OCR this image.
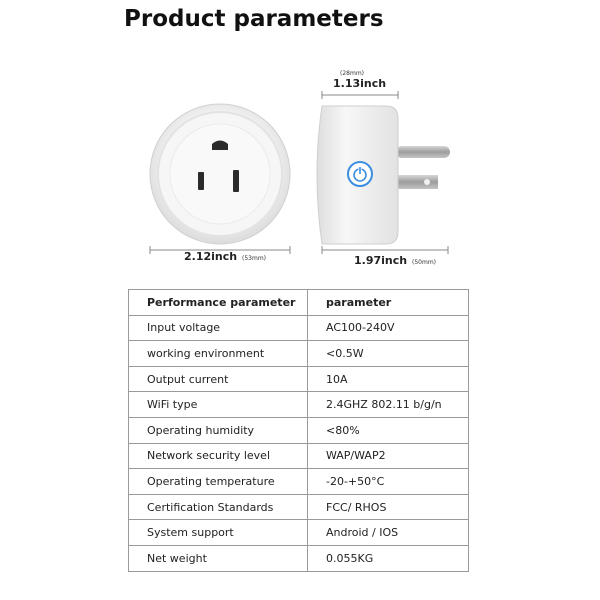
Product parameters
(28mm)
1.13inch
2.12inch (53mm)	1.97inch (50mm)
Performance parameter	parameter
Input voltage	AC100-240V
working environment	<0.5W
Output current	10A
WiFi type	2.4GHZ 802.11 b/g/n
Operating humidity	<80%
Network security level	WAP/WAP2
Operating temperature	-20-+50°C
Certification Standards	FCC/ RHOS
System support	Android / IOS
Net weight	0.055KG
